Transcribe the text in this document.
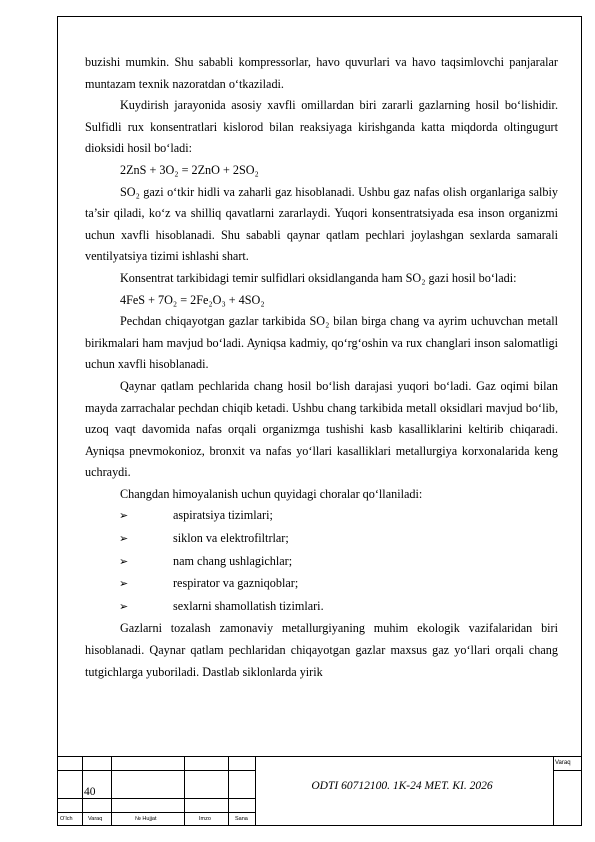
buzishi mumkin. Shu sababli kompressorlar, havo quvurlari va havo taqsimlovchi panjaralar muntazam texnik nazoratdan o‘tkaziladi.

Kuydirish jarayonida asosiy xavfli omillardan biri zararli gazlarning hosil bo‘lishidir. Sulfidli rux konsentratlari kislorod bilan reaksiyaga kirishganda katta miqdorda oltingugurt dioksidi hosil bo‘ladi:

2ZnS + 3O₂ = 2ZnO + 2SO₂

SO₂ gazi o‘tkir hidli va zaharli gaz hisoblanadi. Ushbu gaz nafas olish organlariga salbiy ta’sir qiladi, ko‘z va shilliq qavatlarni zararlaydi. Yuqori konsentratsiyada esa inson organizmi uchun xavfli hisoblanadi. Shu sababli qaynar qatlam pechlari joylashgan sexlarda samarali ventilyatsiya tizimi ishlashi shart.

Konsentrat tarkibidagi temir sulfidlari oksidlanganda ham SO₂ gazi hosil bo‘ladi:

4FeS + 7O₂ = 2Fe₂O₃ + 4SO₂

Pechdan chiqayotgan gazlar tarkibida SO₂ bilan birga chang va ayrim uchuvchan metall birikmalari ham mavjud bo‘ladi. Ayniqsa kadmiy, qo‘rg‘oshin va rux changlari inson salomatligi uchun xavfli hisoblanadi.

Qaynar qatlam pechlarida chang hosil bo‘lish darajasi yuqori bo‘ladi. Gaz oqimi bilan mayda zarrachalar pechdan chiqib ketadi. Ushbu chang tarkibida metall oksidlari mavjud bo‘lib, uzoq vaqt davomida nafas orqali organizmga tushishi kasb kasalliklarini keltirib chiqaradi. Ayniqsa pnevmokonioz, bronxit va nafas yo‘llari kasalliklari metallurgiya korxonalarida keng uchraydi.

Changdan himoyalanish uchun quyidagi choralar qo‘llaniladi:

➢	aspiratsiya tizimlari;
➢	siklon va elektrofiltrlar;
➢	nam chang ushlagichlar;
➢	respirator va gazniqoblar;
➢	sexlarni shamollatish tizimlari.

Gazlarni tozalash zamonaviy metallurgiyaning muhim ekologik vazifalaridan biri hisoblanadi. Qaynar qatlam pechlaridan chiqayotgan gazlar maxsus gaz yo‘llari orqali chang tutgichlarga yuboriladi. Dastlab siklonlarda yirik

40	ODTI 60712100. 1K-24 MET. KI. 2026
Varaq
O‘lch	Varaq	№ Hujjat	Imzo	Sana
